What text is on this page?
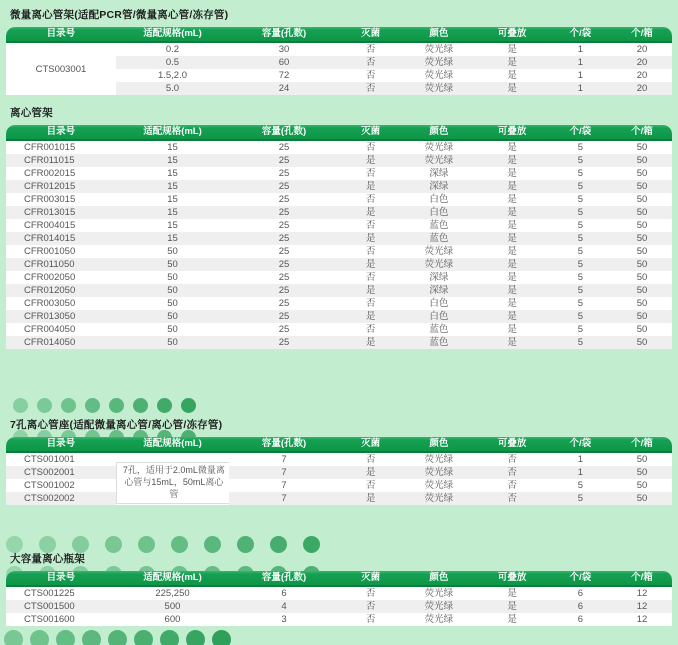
微量离心管架(适配PCR管/微量离心管/冻存管)
目录号	适配规格(mL)	容量(孔数)	灭菌	颜色	可叠放	个/袋	个/箱
CTS003001	0.2	30	否	荧光绿	是	1	20
	0.5	60	否	荧光绿	是	1	20
	1.5,2.0	72	否	荧光绿	是	1	20
	5.0	24	否	荧光绿	是	1	20
离心管架
目录号	适配规格(mL)	容量(孔数)	灭菌	颜色	可叠放	个/袋	个/箱
CFR001015	15	25	否	荧光绿	是	5	50
CFR011015	15	25	是	荧光绿	是	5	50
CFR002015	15	25	否	深绿	是	5	50
CFR012015	15	25	是	深绿	是	5	50
CFR003015	15	25	否	白色	是	5	50
CFR013015	15	25	是	白色	是	5	50
CFR004015	15	25	否	蓝色	是	5	50
CFR014015	15	25	是	蓝色	是	5	50
CFR001050	50	25	否	荧光绿	是	5	50
CFR011050	50	25	是	荧光绿	是	5	50
CFR002050	50	25	否	深绿	是	5	50
CFR012050	50	25	是	深绿	是	5	50
CFR003050	50	25	否	白色	是	5	50
CFR013050	50	25	是	白色	是	5	50
CFR004050	50	25	否	蓝色	是	5	50
CFR014050	50	25	是	蓝色	是	5	50
7孔离心管座(适配微量离心管/离心管/冻存管)
目录号	适配规格(mL)	容量(孔数)	灭菌	颜色	可叠放	个/袋	个/箱
CTS001001	7孔，适用于2.0mL微量离心管与15mL，50mL离心管	7	否	荧光绿	否	1	50
CTS002001		7	是	荧光绿	否	1	50
CTS001002		7	否	荧光绿	否	5	50
CTS002002		7	是	荧光绿	否	5	50
大容量离心瓶架
目录号	适配规格(mL)	容量(孔数)	灭菌	颜色	可叠放	个/袋	个/箱
CTS001225	225,250	6	否	荧光绿	是	6	12
CTS001500	500	4	否	荧光绿	是	6	12
CTS001600	600	3	否	荧光绿	是	6	12
